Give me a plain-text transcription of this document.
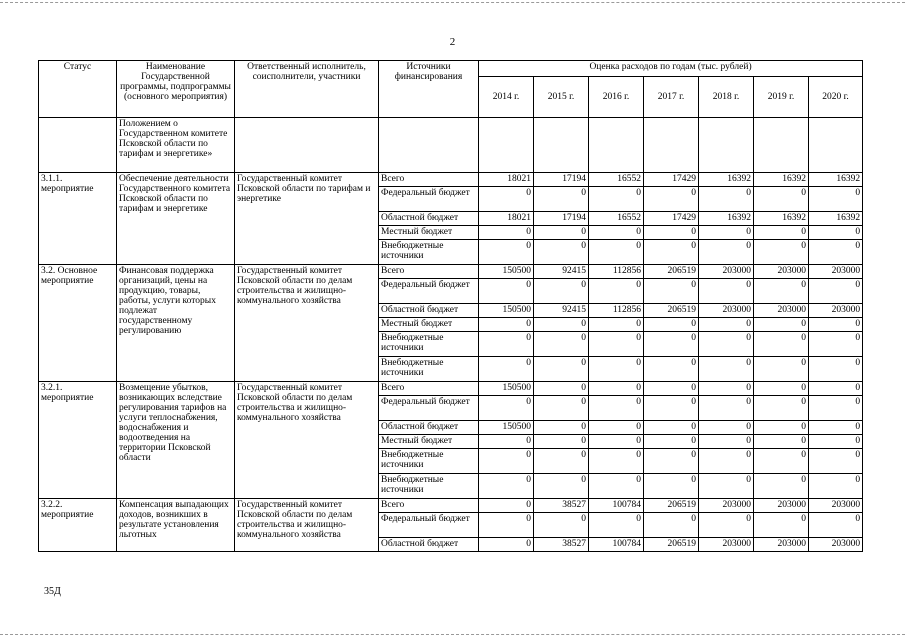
2
Статус	Наименование Государственной программы, подпрограммы (основного мероприятия)	Ответственный исполнитель, соисполнители, участники	Источники финансирования	Оценка расходов по годам (тыс. рублей)						
				2014 г.	2015 г.	2016 г.	2017 г.	2018 г.	2019 г.	2020 г.
	Положением о Государственном комитете Псковской области по тарифам и энергетике»									
3.1.1. мероприятие	Обеспечение деятельности Государственного комитета Псковской области по тарифам и энергетике	Государственный комитет Псковской области по тарифам и энергетике	Всего	18021	17194	16552	17429	16392	16392	16392
			Федеральный бюджет	0	0	0	0	0	0	0
			Областной бюджет	18021	17194	16552	17429	16392	16392	16392
			Местный бюджет	0	0	0	0	0	0	0
			Внебюджетные источники	0	0	0	0	0	0	0
3.2. Основное мероприятие	Финансовая поддержка организаций, цены на продукцию, товары, работы, услуги которых подлежат государственному регулированию	Государственный комитет Псковской области по делам строительства и жилищно-коммунального хозяйства	Всего	150500	92415	112856	206519	203000	203000	203000
			Федеральный бюджет	0	0	0	0	0	0	0
			Областной бюджет	150500	92415	112856	206519	203000	203000	203000
			Местный бюджет	0	0	0	0	0	0	0
			Внебюджетные источники	0	0	0	0	0	0	0
			Внебюджетные источники	0	0	0	0	0	0	0
3.2.1. мероприятие	Возмещение убытков, возникающих вследствие регулирования тарифов на услуги теплоснабжения, водоснабжения и водоотведения на территории Псковской области	Государственный комитет Псковской области по делам строительства и жилищно-коммунального хозяйства	Всего	150500	0	0	0	0	0	0
			Федеральный бюджет	0	0	0	0	0	0	0
			Областной бюджет	150500	0	0	0	0	0	0
			Местный бюджет	0	0	0	0	0	0	0
			Внебюджетные источники	0	0	0	0	0	0	0
			Внебюджетные источники	0	0	0	0	0	0	0
3.2.2. мероприятие	Компенсация выпадающих доходов, возникших в результате установления льготных	Государственный комитет Псковской области по делам строительства и жилищно-коммунального хозяйства	Всего	0	38527	100784	206519	203000	203000	203000
			Федеральный бюджет	0	0	0	0	0	0	0
			Областной бюджет	0	38527	100784	206519	203000	203000	203000
35Д
